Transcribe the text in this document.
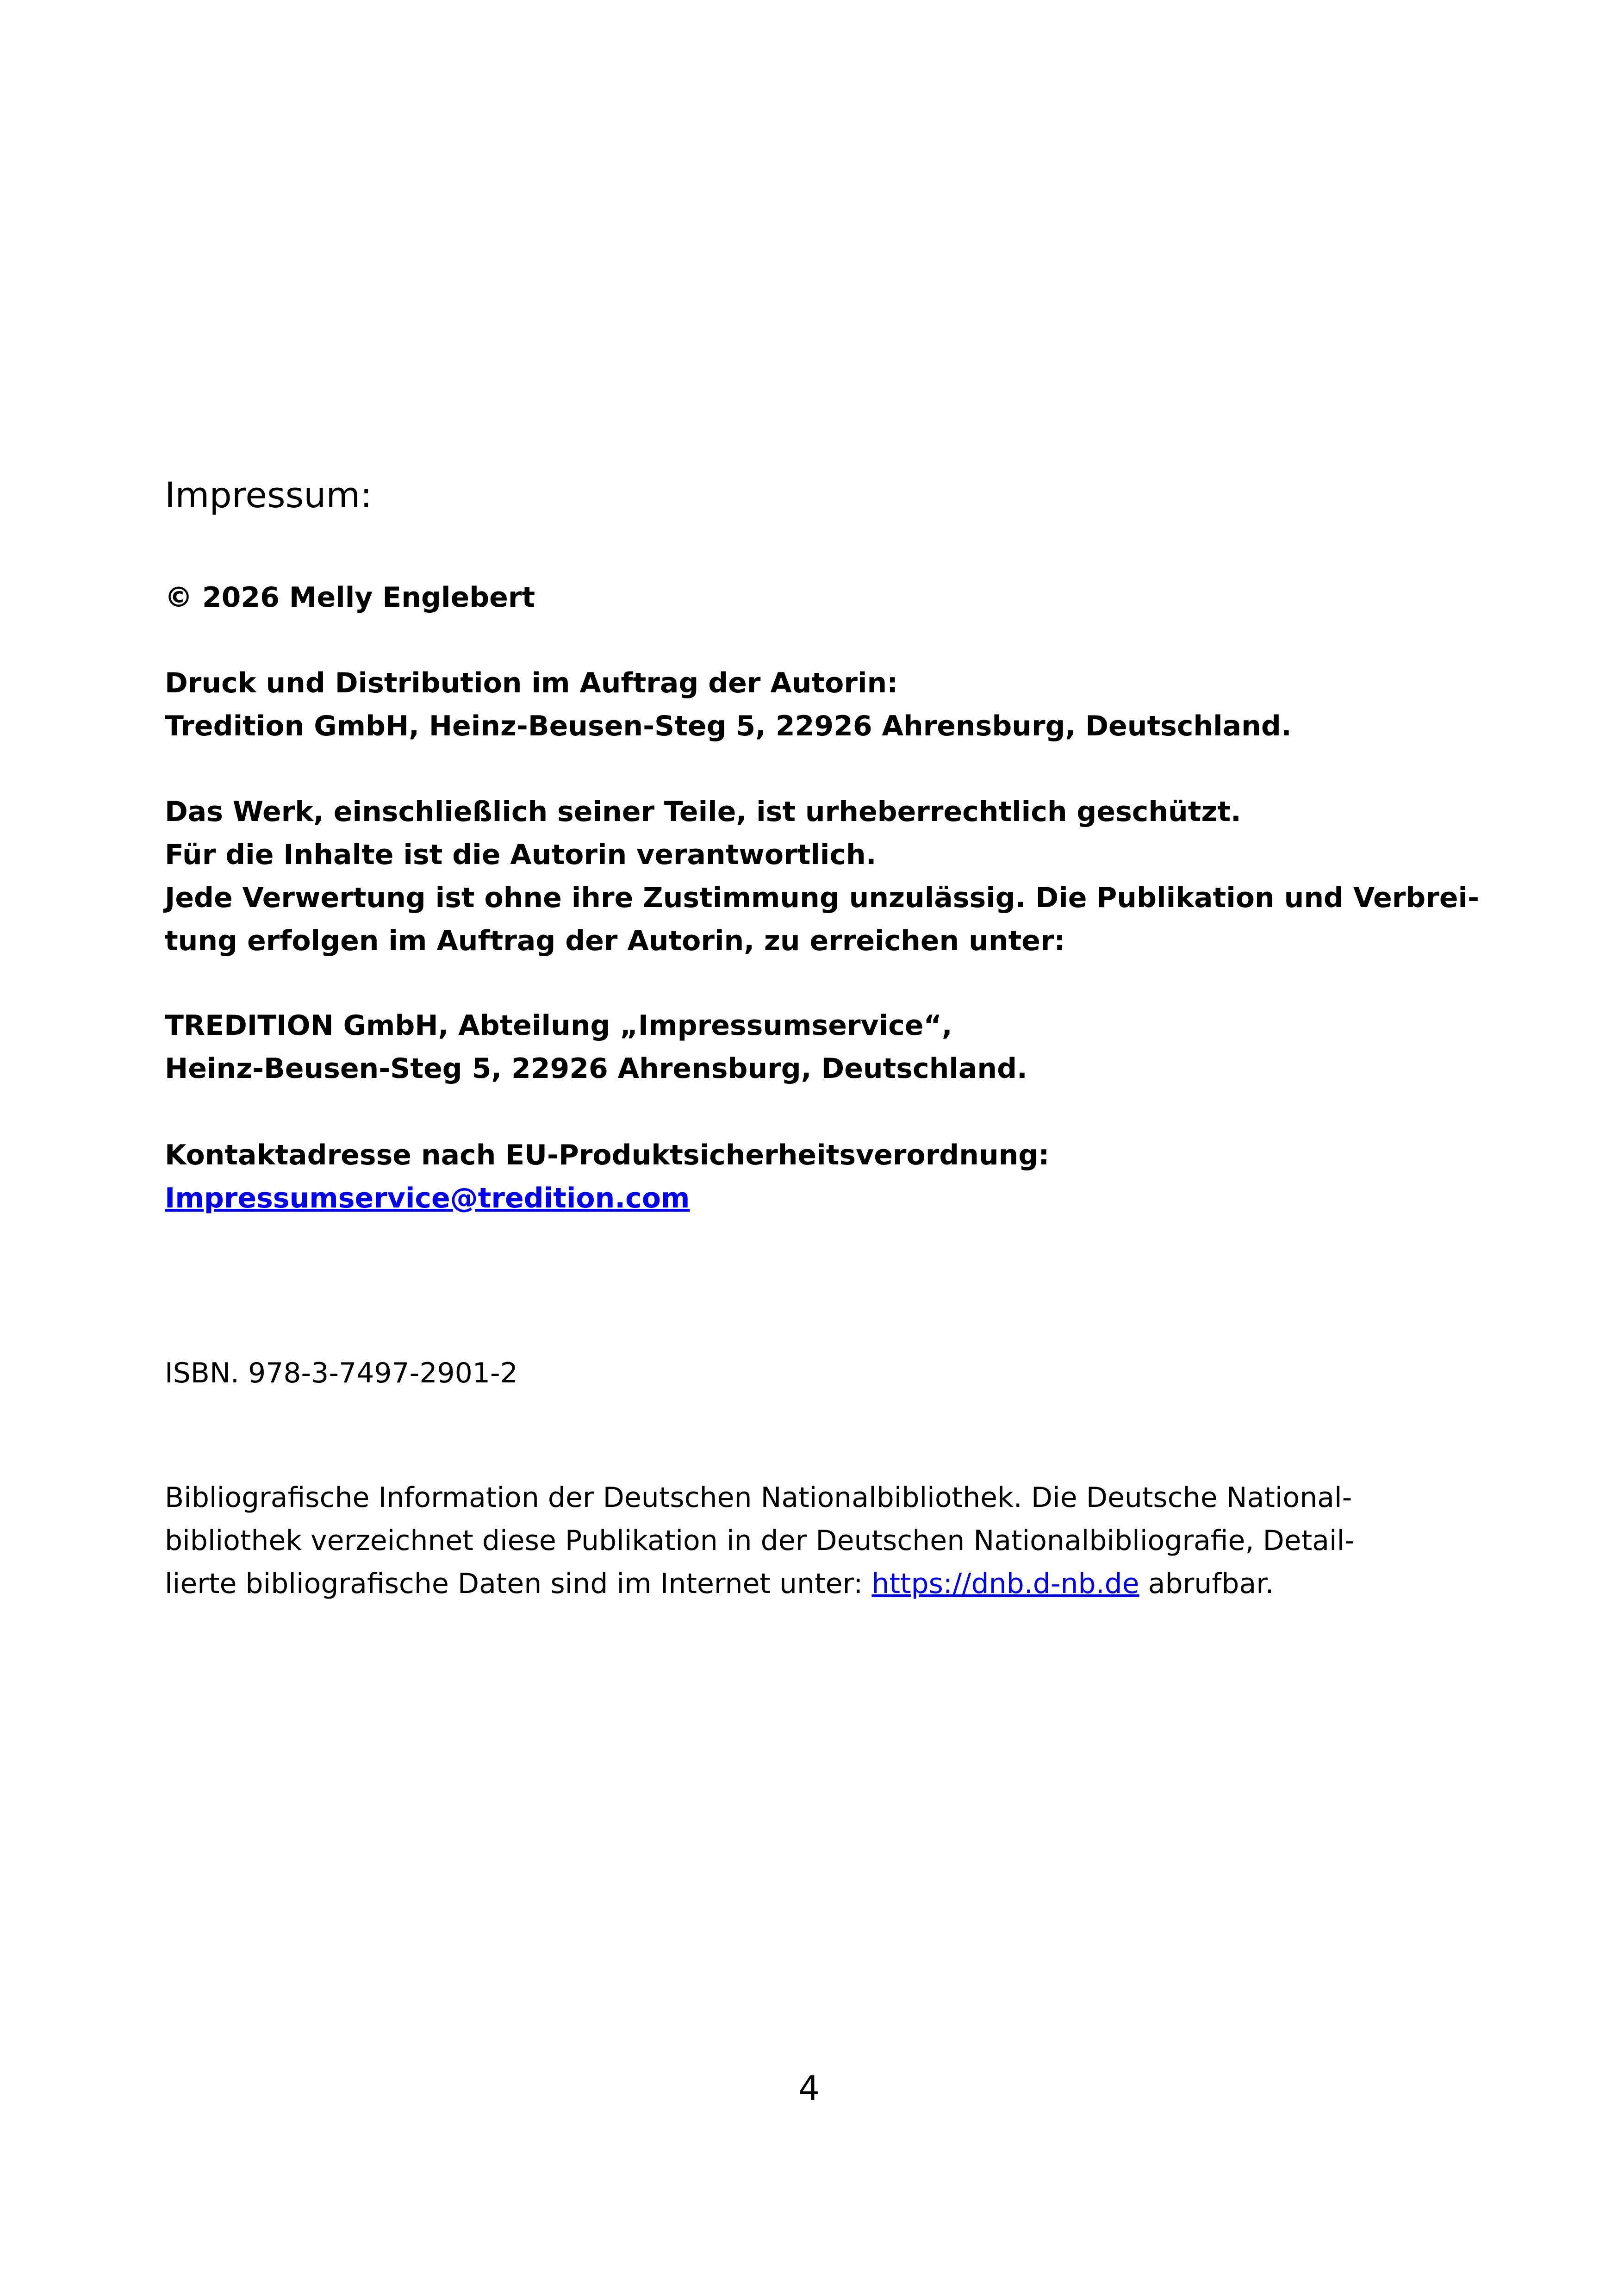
Impressum:

© 2026 Melly Englebert

Druck und Distribution im Auftrag der Autorin:
Tredition GmbH, Heinz-Beusen-Steg 5, 22926 Ahrensburg, Deutschland.

Das Werk, einschließlich seiner Teile, ist urheberrechtlich geschützt.
Für die Inhalte ist die Autorin verantwortlich.
Jede Verwertung ist ohne ihre Zustimmung unzulässig. Die Publikation und Verbrei-
tung erfolgen im Auftrag der Autorin, zu erreichen unter:

TREDITION GmbH, Abteilung „Impressumservice“,
Heinz-Beusen-Steg 5, 22926 Ahrensburg, Deutschland.

Kontaktadresse nach EU-Produktsicherheitsverordnung:
Impressumservice@tredition.com

ISBN. 978-3-7497-2901-2

Bibliografische Information der Deutschen Nationalbibliothek. Die Deutsche National-
bibliothek verzeichnet diese Publikation in der Deutschen Nationalbibliografie, Detail-
lierte bibliografische Daten sind im Internet unter: https://dnb.d-nb.de abrufbar.

4
